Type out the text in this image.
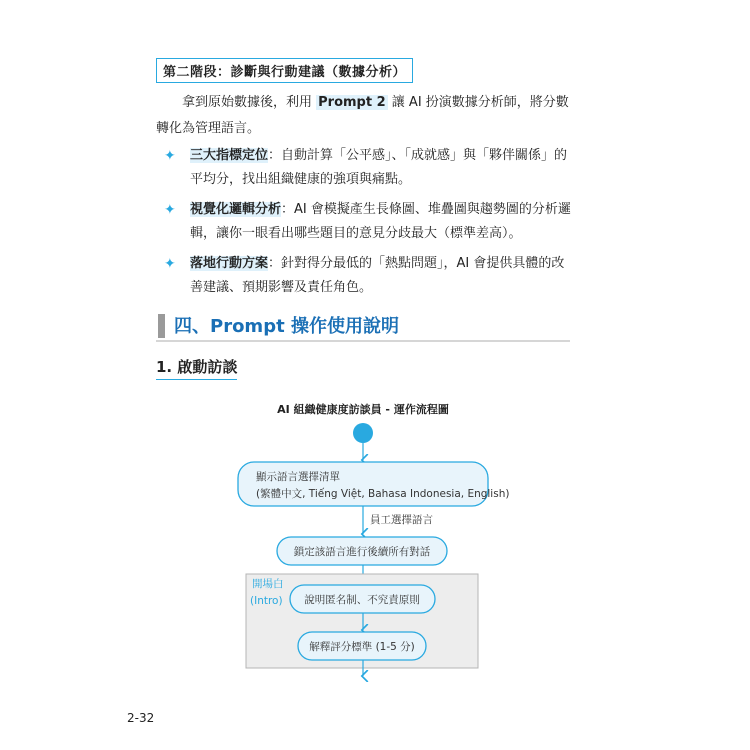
第二階段：診斷與行動建議（數據分析）
拿到原始數據後，利用 Prompt 2 讓 AI 扮演數據分析師，將分數轉化為管理語言。
✦ 三大指標定位：自動計算「公平感」、「成就感」與「夥伴關係」的平均分，找出組織健康的強項與痛點。
✦ 視覺化邏輯分析：AI 會模擬產生長條圖、堆疊圖與趨勢圖的分析邏輯，讓你一眼看出哪些題目的意見分歧最大（標準差高）。
✦ 落地行動方案：針對得分最低的「熱點問題」，AI 會提供具體的改善建議、預期影響及責任角色。
四、Prompt 操作使用說明
1. 啟動訪談
AI 組織健康度訪談員 - 運作流程圖
顯示語言選擇清單
(繁體中文, Tiếng Việt, Bahasa Indonesia, English)
員工選擇語言
鎖定該語言進行後續所有對話
開場白
(Intro) 說明匿名制、不究責原則
解釋評分標準 (1-5 分)
2-32
